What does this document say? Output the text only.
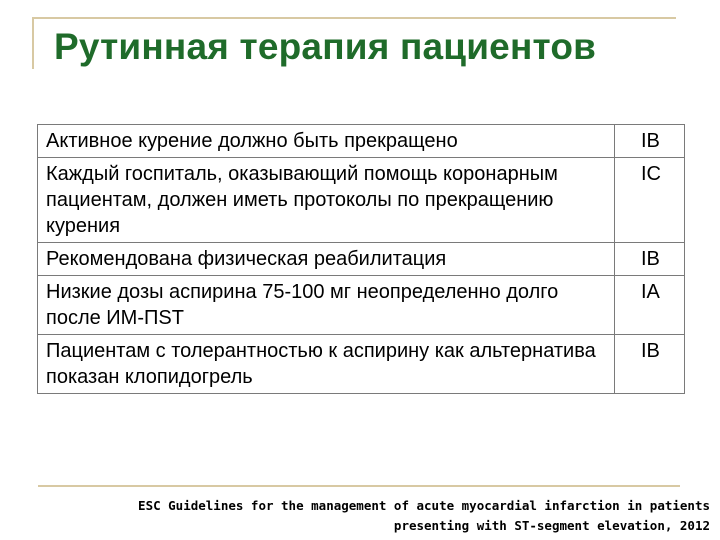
Рутинная терапия пациентов
Активное курение должно быть прекращено	IB
Каждый госпиталь, оказывающий помощь коронарным пациентам, должен иметь протоколы по прекращению курения	IC
Рекомендована физическая реабилитация	IB
Низкие дозы аспирина 75-100 мг неопределенно долго после ИМ-ПST	IA
Пациентам с толерантностью к аспирину как альтернатива показан клопидогрель	IB
ESC Guidelines for the management of acute myocardial infarction in patients
presenting with ST-segment elevation, 2012
